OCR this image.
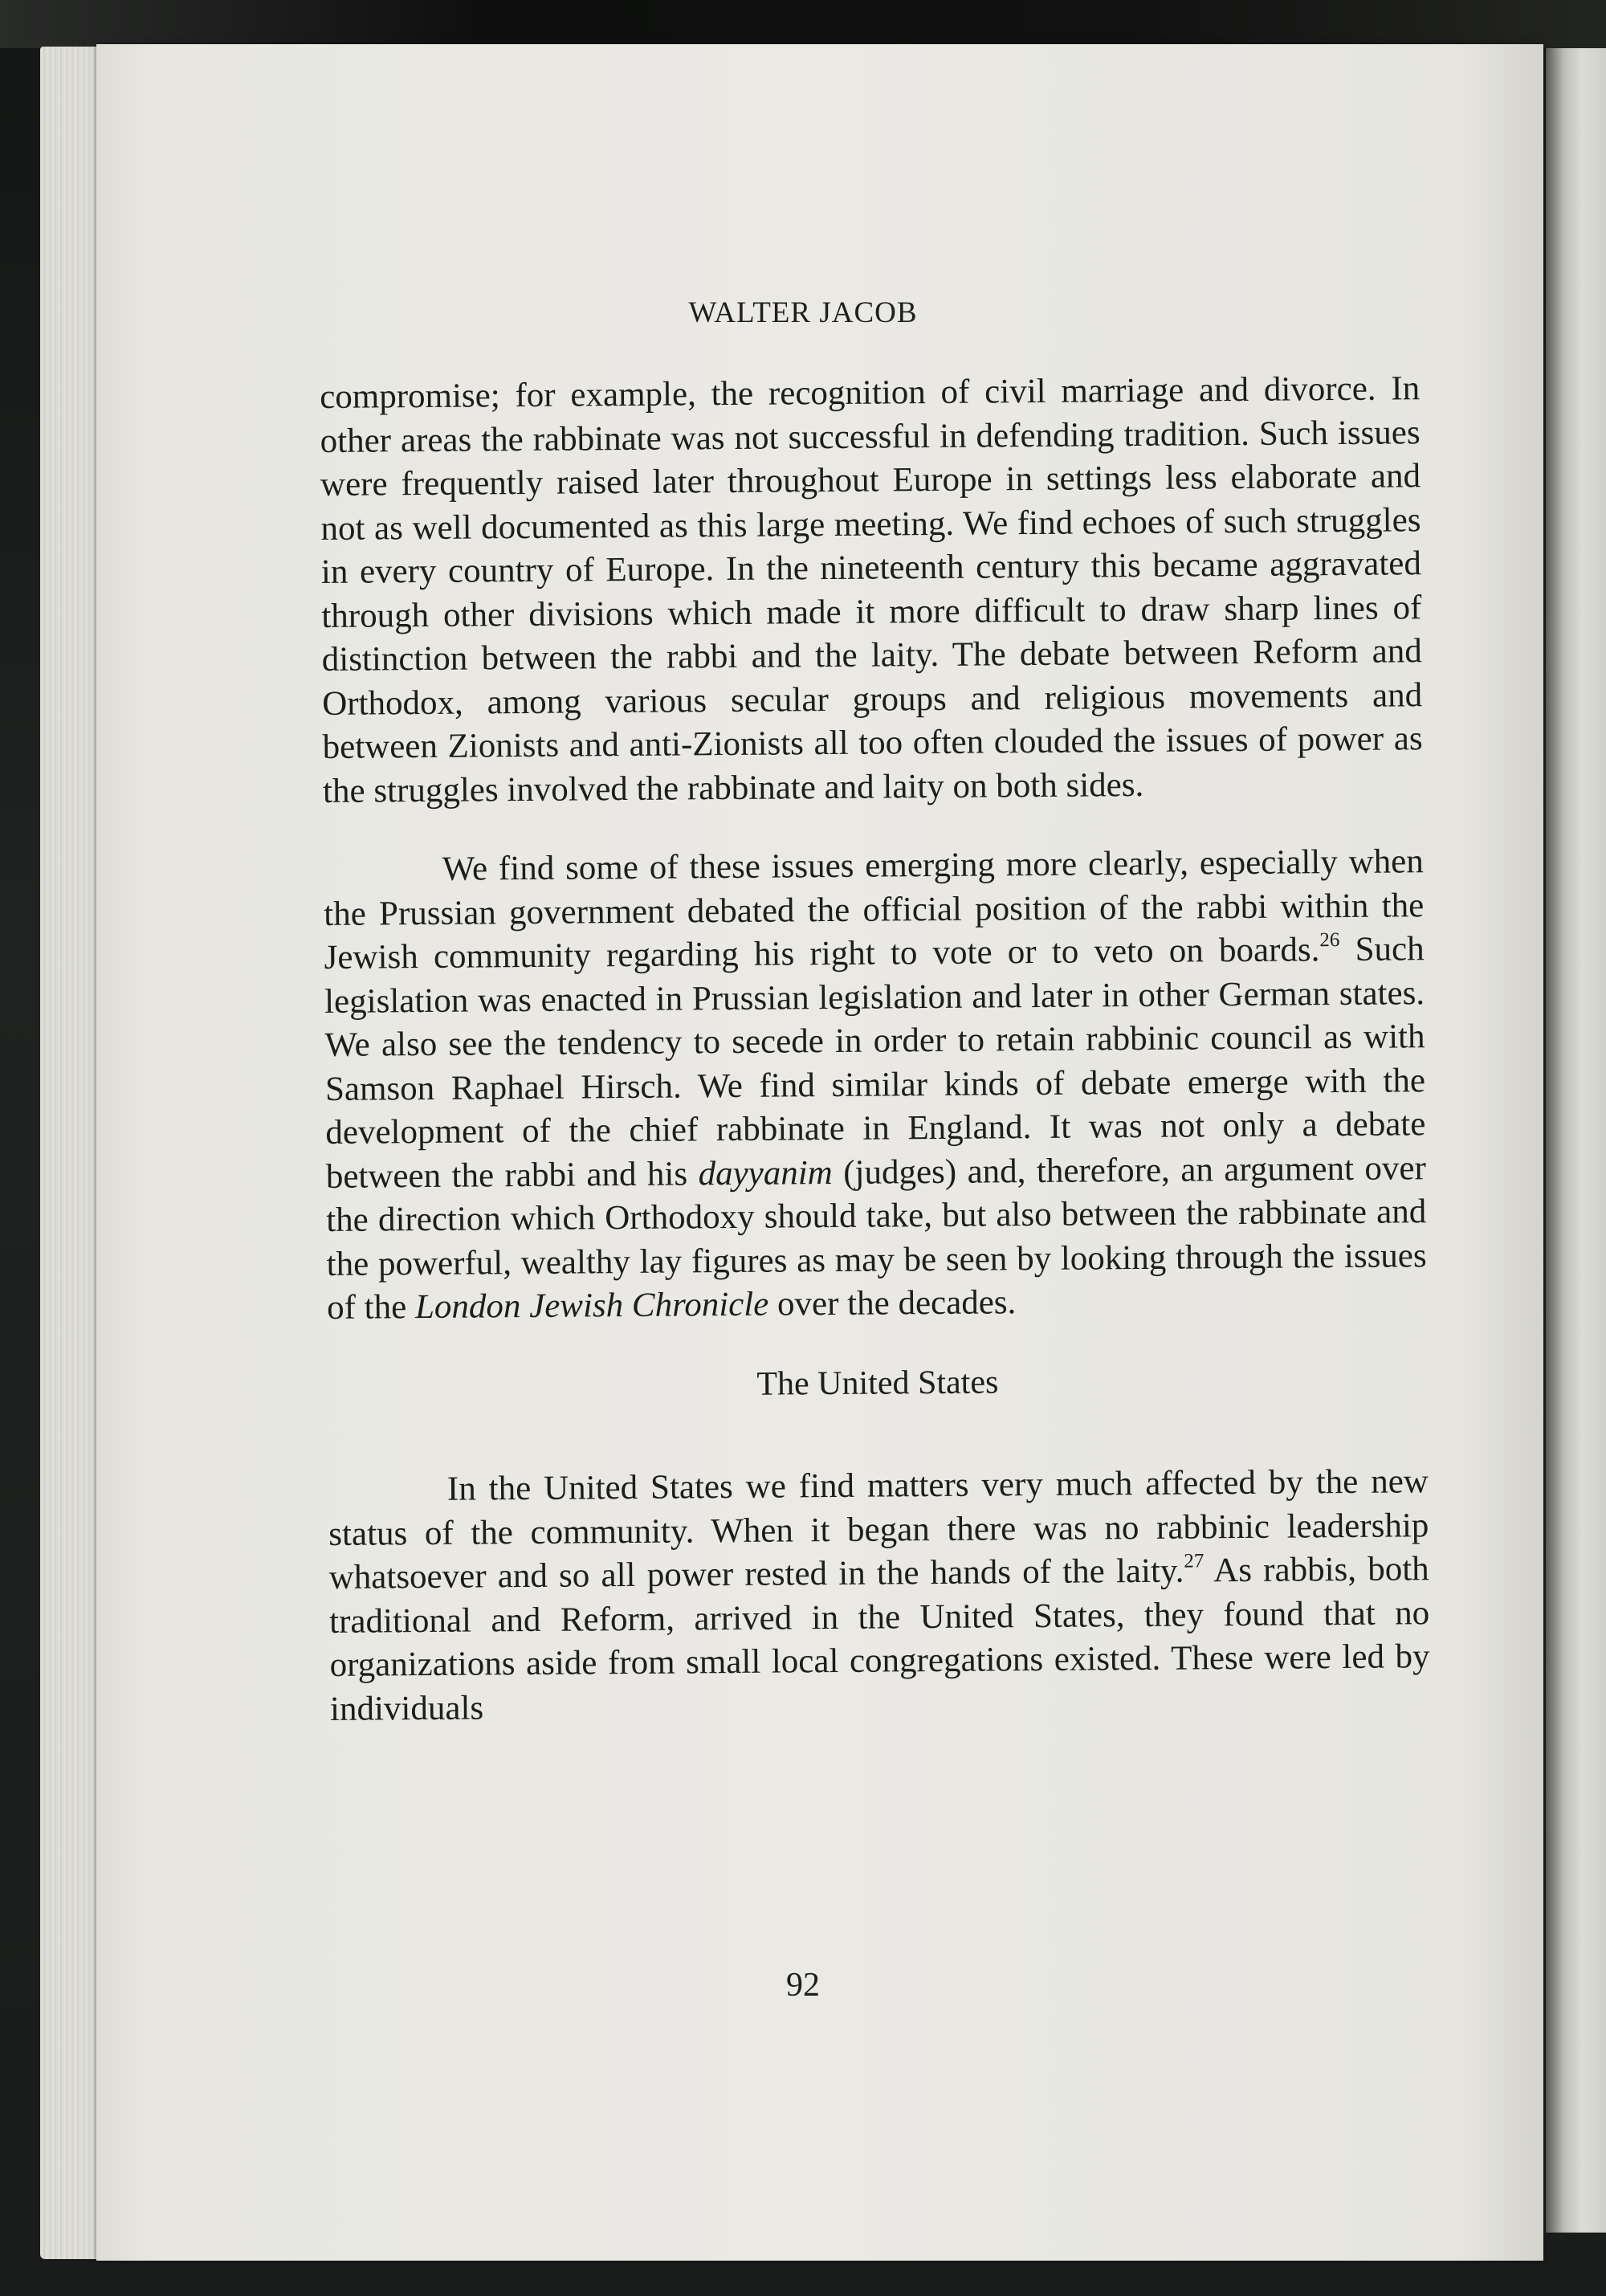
WALTER JACOB

compromise; for example, the recognition of civil marriage and divorce. In other areas the rabbinate was not successful in defending tradition. Such issues were frequently raised later throughout Europe in settings less elaborate and not as well documented as this large meeting. We find echoes of such struggles in every country of Europe. In the nineteenth century this became aggravated through other divisions which made it more difficult to draw sharp lines of distinction between the rabbi and the laity. The debate between Reform and Orthodox, among various secular groups and religious movements and between Zionists and anti-Zionists all too often clouded the issues of power as the struggles involved the rabbinate and laity on both sides.

We find some of these issues emerging more clearly, especially when the Prussian government debated the official position of the rabbi within the Jewish community regarding his right to vote or to veto on boards.$^{26}$ Such legislation was enacted in Prussian legislation and later in other German states. We also see the tendency to secede in order to retain rabbinic council as with Samson Raphael Hirsch. We find similar kinds of debate emerge with the development of the chief rabbinate in England. It was not only a debate between the rabbi and his dayyanim (judges) and, therefore, an argument over the direction which Orthodoxy should take, but also between the rabbinate and the powerful, wealthy lay figures as may be seen by looking through the issues of the London Jewish Chronicle over the decades.

The United States

In the United States we find matters very much affected by the new status of the community. When it began there was no rabbinic leadership whatsoever and so all power rested in the hands of the laity.$^{27}$ As rabbis, both traditional and Reform, arrived in the United States, they found that no organizations aside from small local congregations existed. These were led by individuals

92
